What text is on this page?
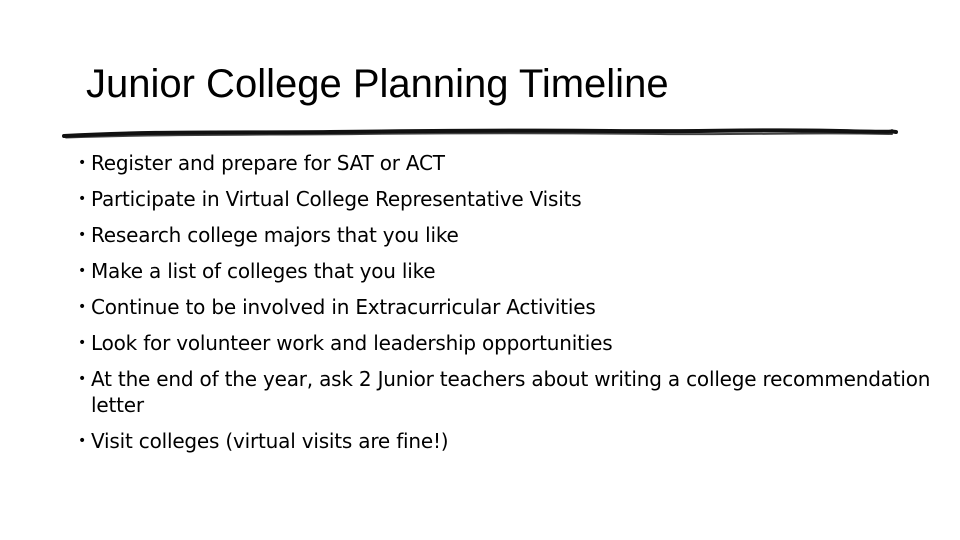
Junior College Planning Timeline
• Register and prepare for SAT or ACT
• Participate in Virtual College Representative Visits
• Research college majors that you like
• Make a list of colleges that you like
• Continue to be involved in Extracurricular Activities
• Look for volunteer work and leadership opportunities
• At the end of the year, ask 2 Junior teachers about writing a college recommendation letter
• Visit colleges (virtual visits are fine!)
